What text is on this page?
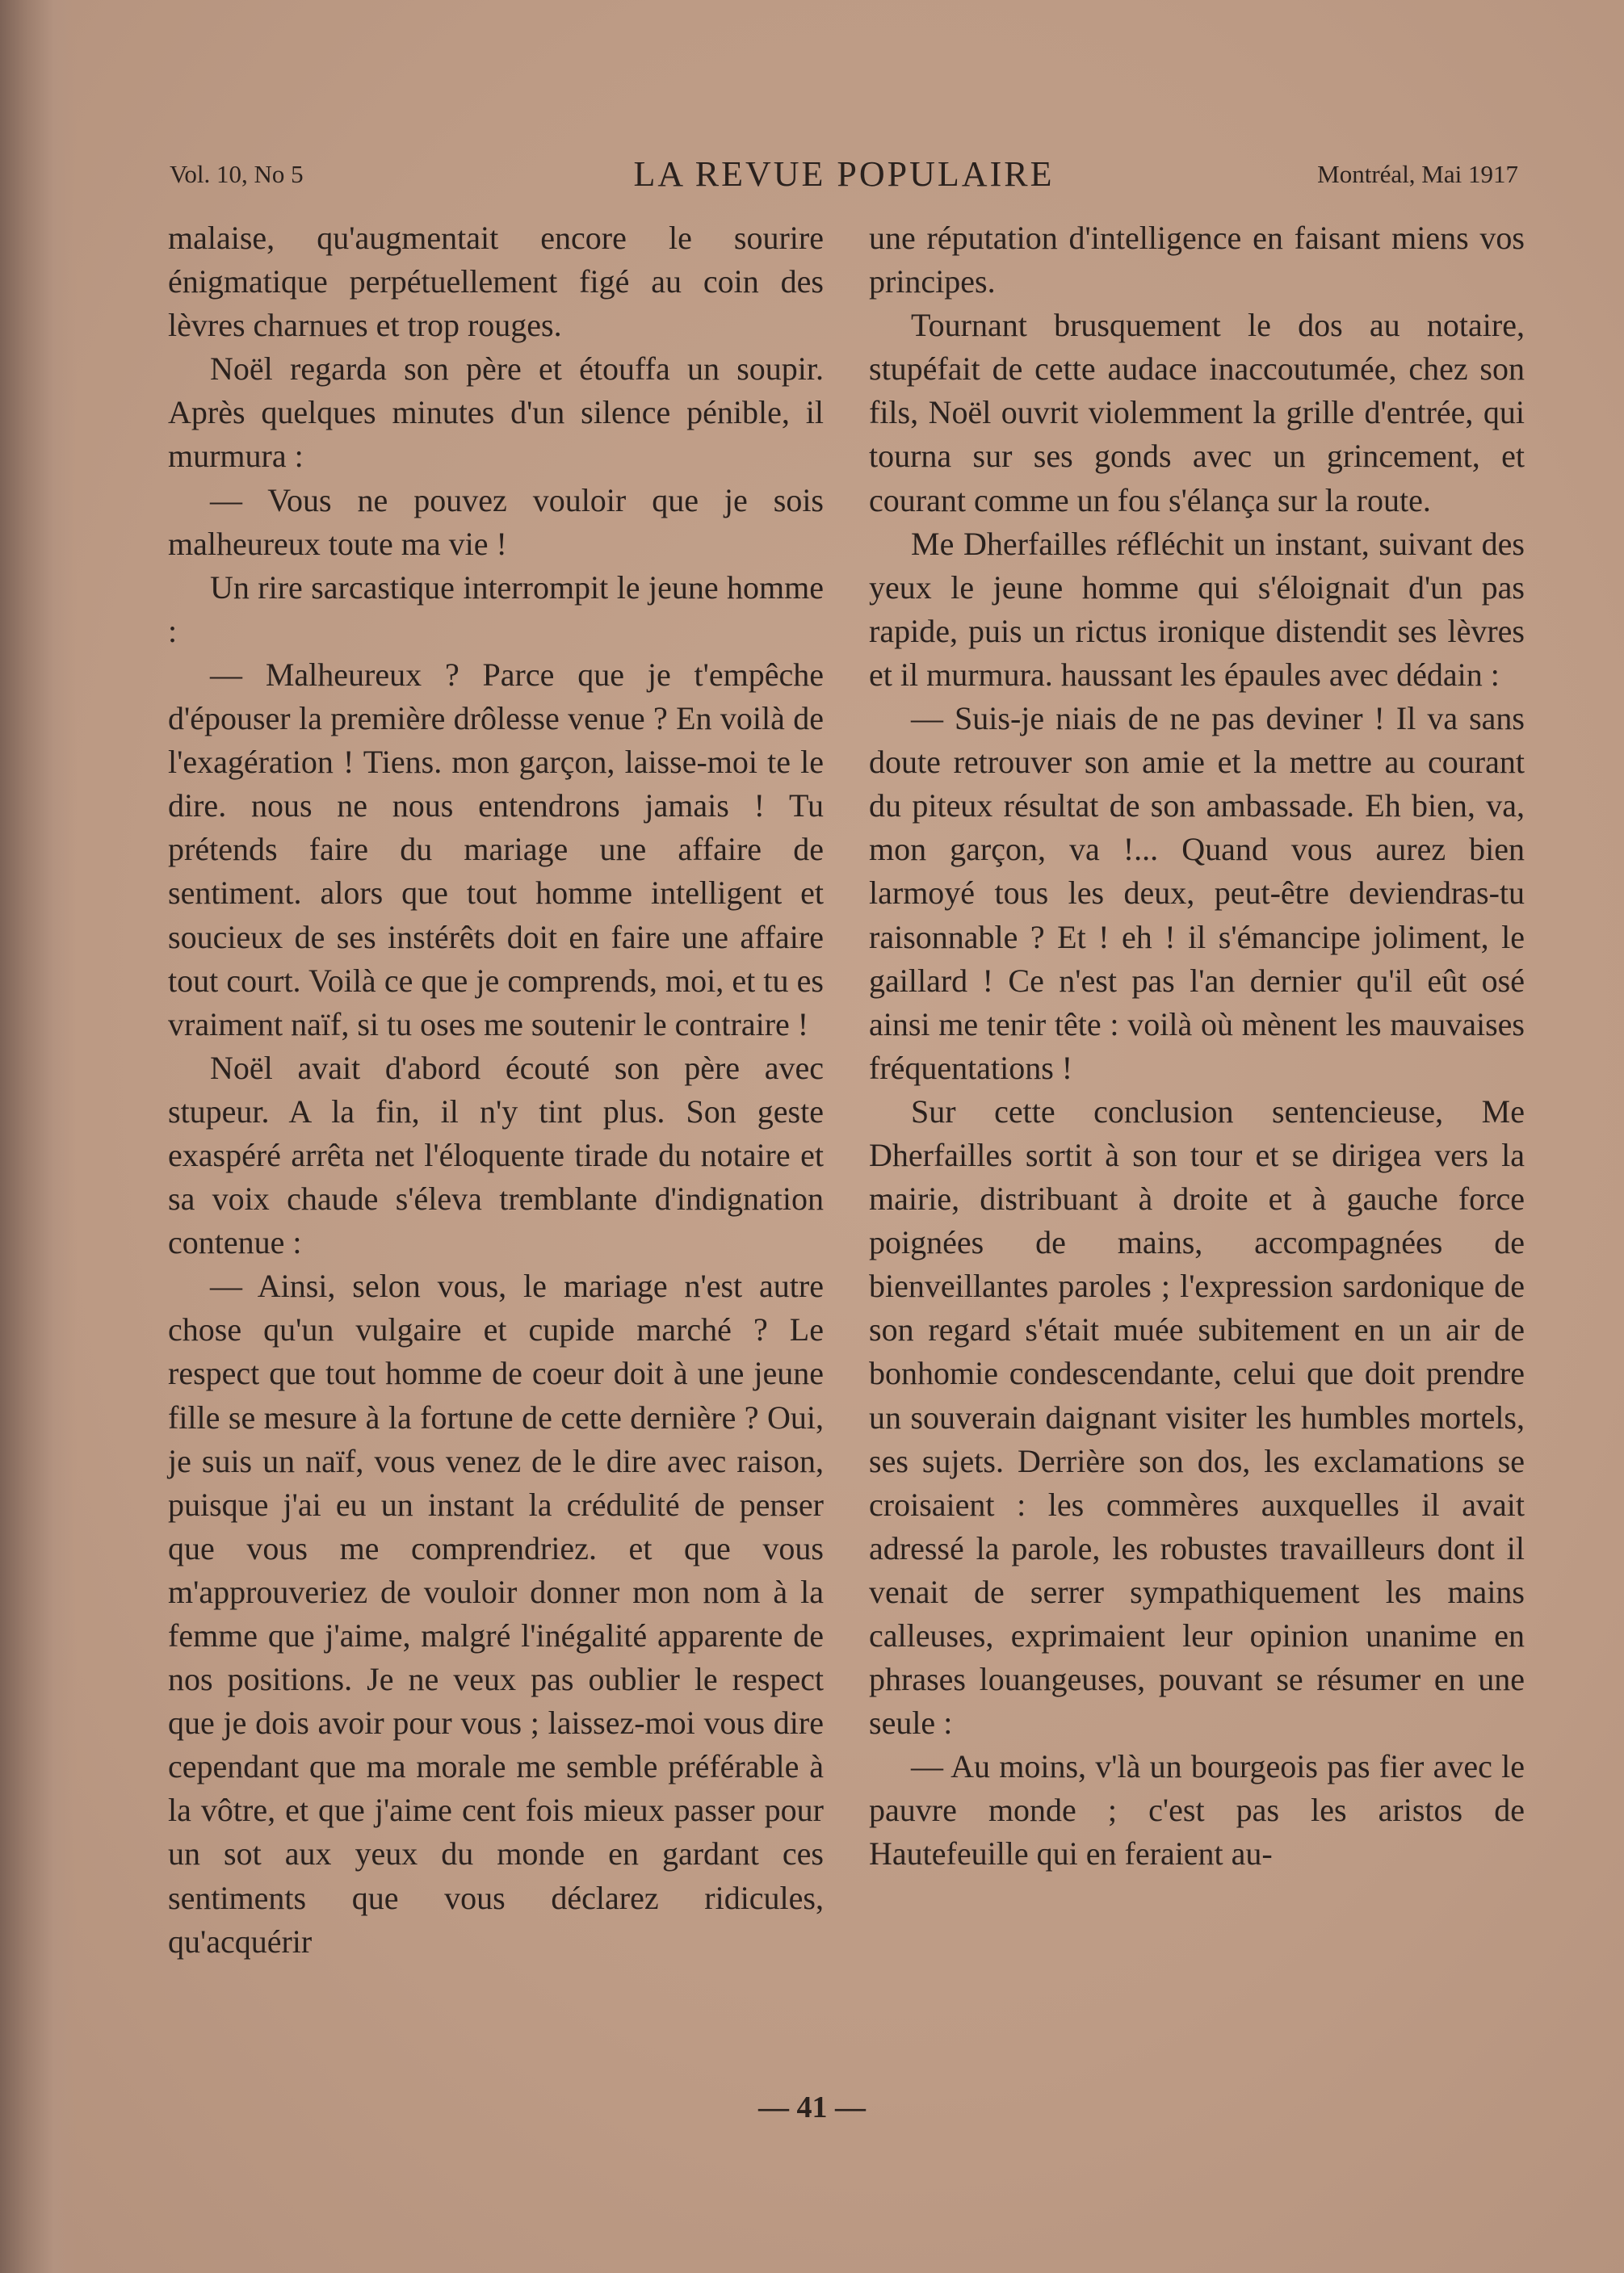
Vol. 10, No 5	LA REVUE POPULAIRE	Montréal, Mai 1917

malaise, qu'augmentait encore le sourire énigmatique perpétuellement figé au coin des lèvres charnues et trop rouges.

Noël regarda son père et étouffa un soupir. Après quelques minutes d'un silence pénible, il murmura :

— Vous ne pouvez vouloir que je sois malheureux toute ma vie !

Un rire sarcastique interrompit le jeune homme :

— Malheureux ? Parce que je t'empêche d'épouser la première drôlesse venue ? En voilà de l'exagération ! Tiens. mon garçon, laisse-moi te le dire. nous ne nous entendrons jamais ! Tu prétends faire du mariage une affaire de sentiment. alors que tout homme intelligent et soucieux de ses instérêts doit en faire une affaire tout court. Voilà ce que je comprends, moi, et tu es vraiment naïf, si tu oses me soutenir le contraire !

Noël avait d'abord écouté son père avec stupeur. A la fin, il n'y tint plus. Son geste exaspéré arrêta net l'éloquente tirade du notaire et sa voix chaude s'éleva tremblante d'indignation contenue :

— Ainsi, selon vous, le mariage n'est autre chose qu'un vulgaire et cupide marché ? Le respect que tout homme de coeur doit à une jeune fille se mesure à la fortune de cette dernière ? Oui, je suis un naïf, vous venez de le dire avec raison, puisque j'ai eu un instant la crédulité de penser que vous me comprendriez. et que vous m'approuveriez de vouloir donner mon nom à la femme que j'aime, malgré l'inégalité apparente de nos positions. Je ne veux pas oublier le respect que je dois avoir pour vous ; laissez-moi vous dire cependant que ma morale me semble préférable à la vôtre, et que j'aime cent fois mieux passer pour un sot aux yeux du monde en gardant ces sentiments que vous déclarez ridicules, qu'acquérir

une réputation d'intelligence en faisant miens vos principes.

Tournant brusquement le dos au notaire, stupéfait de cette audace inaccoutumée, chez son fils, Noël ouvrit violemment la grille d'entrée, qui tourna sur ses gonds avec un grincement, et courant comme un fou s'élança sur la route.

Me Dherfailles réfléchit un instant, suivant des yeux le jeune homme qui s'éloignait d'un pas rapide, puis un rictus ironique distendit ses lèvres et il murmura. haussant les épaules avec dédain :

— Suis-je niais de ne pas deviner ! Il va sans doute retrouver son amie et la mettre au courant du piteux résultat de son ambassade. Eh bien, va, mon garçon, va !... Quand vous aurez bien larmoyé tous les deux, peut-être deviendras-tu raisonnable ? Et ! eh ! il s'émancipe joliment, le gaillard ! Ce n'est pas l'an dernier qu'il eût osé ainsi me tenir tête : voilà où mènent les mauvaises fréquentations !

Sur cette conclusion sentencieuse, Me Dherfailles sortit à son tour et se dirigea vers la mairie, distribuant à droite et à gauche force poignées de mains, accompagnées de bienveillantes paroles ; l'expression sardonique de son regard s'était muée subitement en un air de bonhomie condescendante, celui que doit prendre un souverain daignant visiter les humbles mortels, ses sujets. Derrière son dos, les exclamations se croisaient : les commères auxquelles il avait adressé la parole, les robustes travailleurs dont il venait de serrer sympathiquement les mains calleuses, exprimaient leur opinion unanime en phrases louangeuses, pouvant se résumer en une seule :

— Au moins, v'là un bourgeois pas fier avec le pauvre monde ; c'est pas les aristos de Hautefeuille qui en feraient au-

— 41 —
